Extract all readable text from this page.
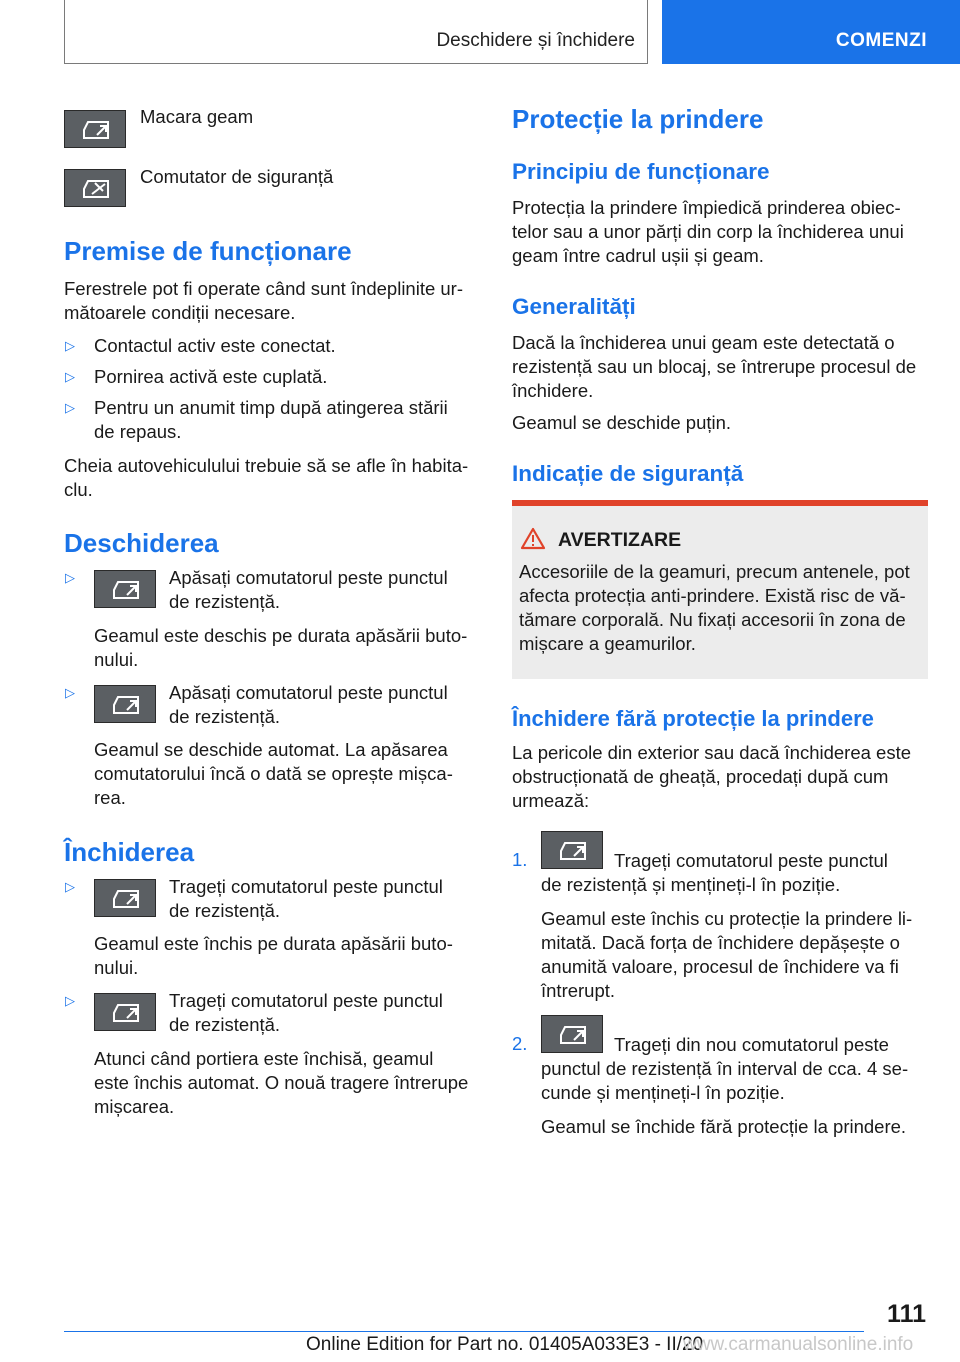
Deschidere și închidere	COMENZI
Macara geam
Comutator de siguranță
Premise de funcționare
Ferestrele pot fi operate când sunt îndeplinite ur-
mătoarele condiții necesare.
▷ Contactul activ este conectat.
▷ Pornirea activă este cuplată.
▷ Pentru un anumit timp după atingerea stării
de repaus.
Cheia autovehiculului trebuie să se afle în habita-
clu.
Deschiderea
▷	Apăsați comutatorul peste punctul
de rezistență.
Geamul este deschis pe durata apăsării buto-
nului.
▷	Apăsați comutatorul peste punctul
de rezistență.
Geamul se deschide automat. La apăsarea
comutatorului încă o dată se oprește mișca-
rea.
Închiderea
▷	Trageți comutatorul peste punctul
de rezistență.
Geamul este închis pe durata apăsării buto-
nului.
▷	Trageți comutatorul peste punctul
de rezistență.
Atunci când portiera este închisă, geamul
este închis automat. O nouă tragere întrerupe
mișcarea.
Protecție la prindere
Principiu de funcționare
Protecția la prindere împiedică prinderea obiec-
telor sau a unor părți din corp la închiderea unui
geam între cadrul ușii și geam.
Generalități
Dacă la închiderea unui geam este detectată o
rezistență sau un blocaj, se întrerupe procesul de
închidere.
Geamul se deschide puțin.
Indicație de siguranță
AVERTIZARE
Accesoriile de la geamuri, precum antenele, pot
afecta protecția anti-prindere. Există risc de vă-
tămare corporală. Nu fixați accesorii în zona de
mișcare a geamurilor.
Închidere fără protecție la prindere
La pericole din exterior sau dacă închiderea este
obstrucționată de gheață, procedați după cum
urmează:
1.	Trageți comutatorul peste punctul
de rezistență și mențineți-l în poziție.
Geamul este închis cu protecție la prindere li-
mitată. Dacă forța de închidere depășește o
anumită valoare, procesul de închidere va fi
întrerupt.
2.	Trageți din nou comutatorul peste
punctul de rezistență în interval de cca. 4 se-
cunde și mențineți-l în poziție.
Geamul se închide fără protecție la prindere.
111
Online Edition for Part no. 01405A033E3 - II/20
www.carmanualsonline.info
